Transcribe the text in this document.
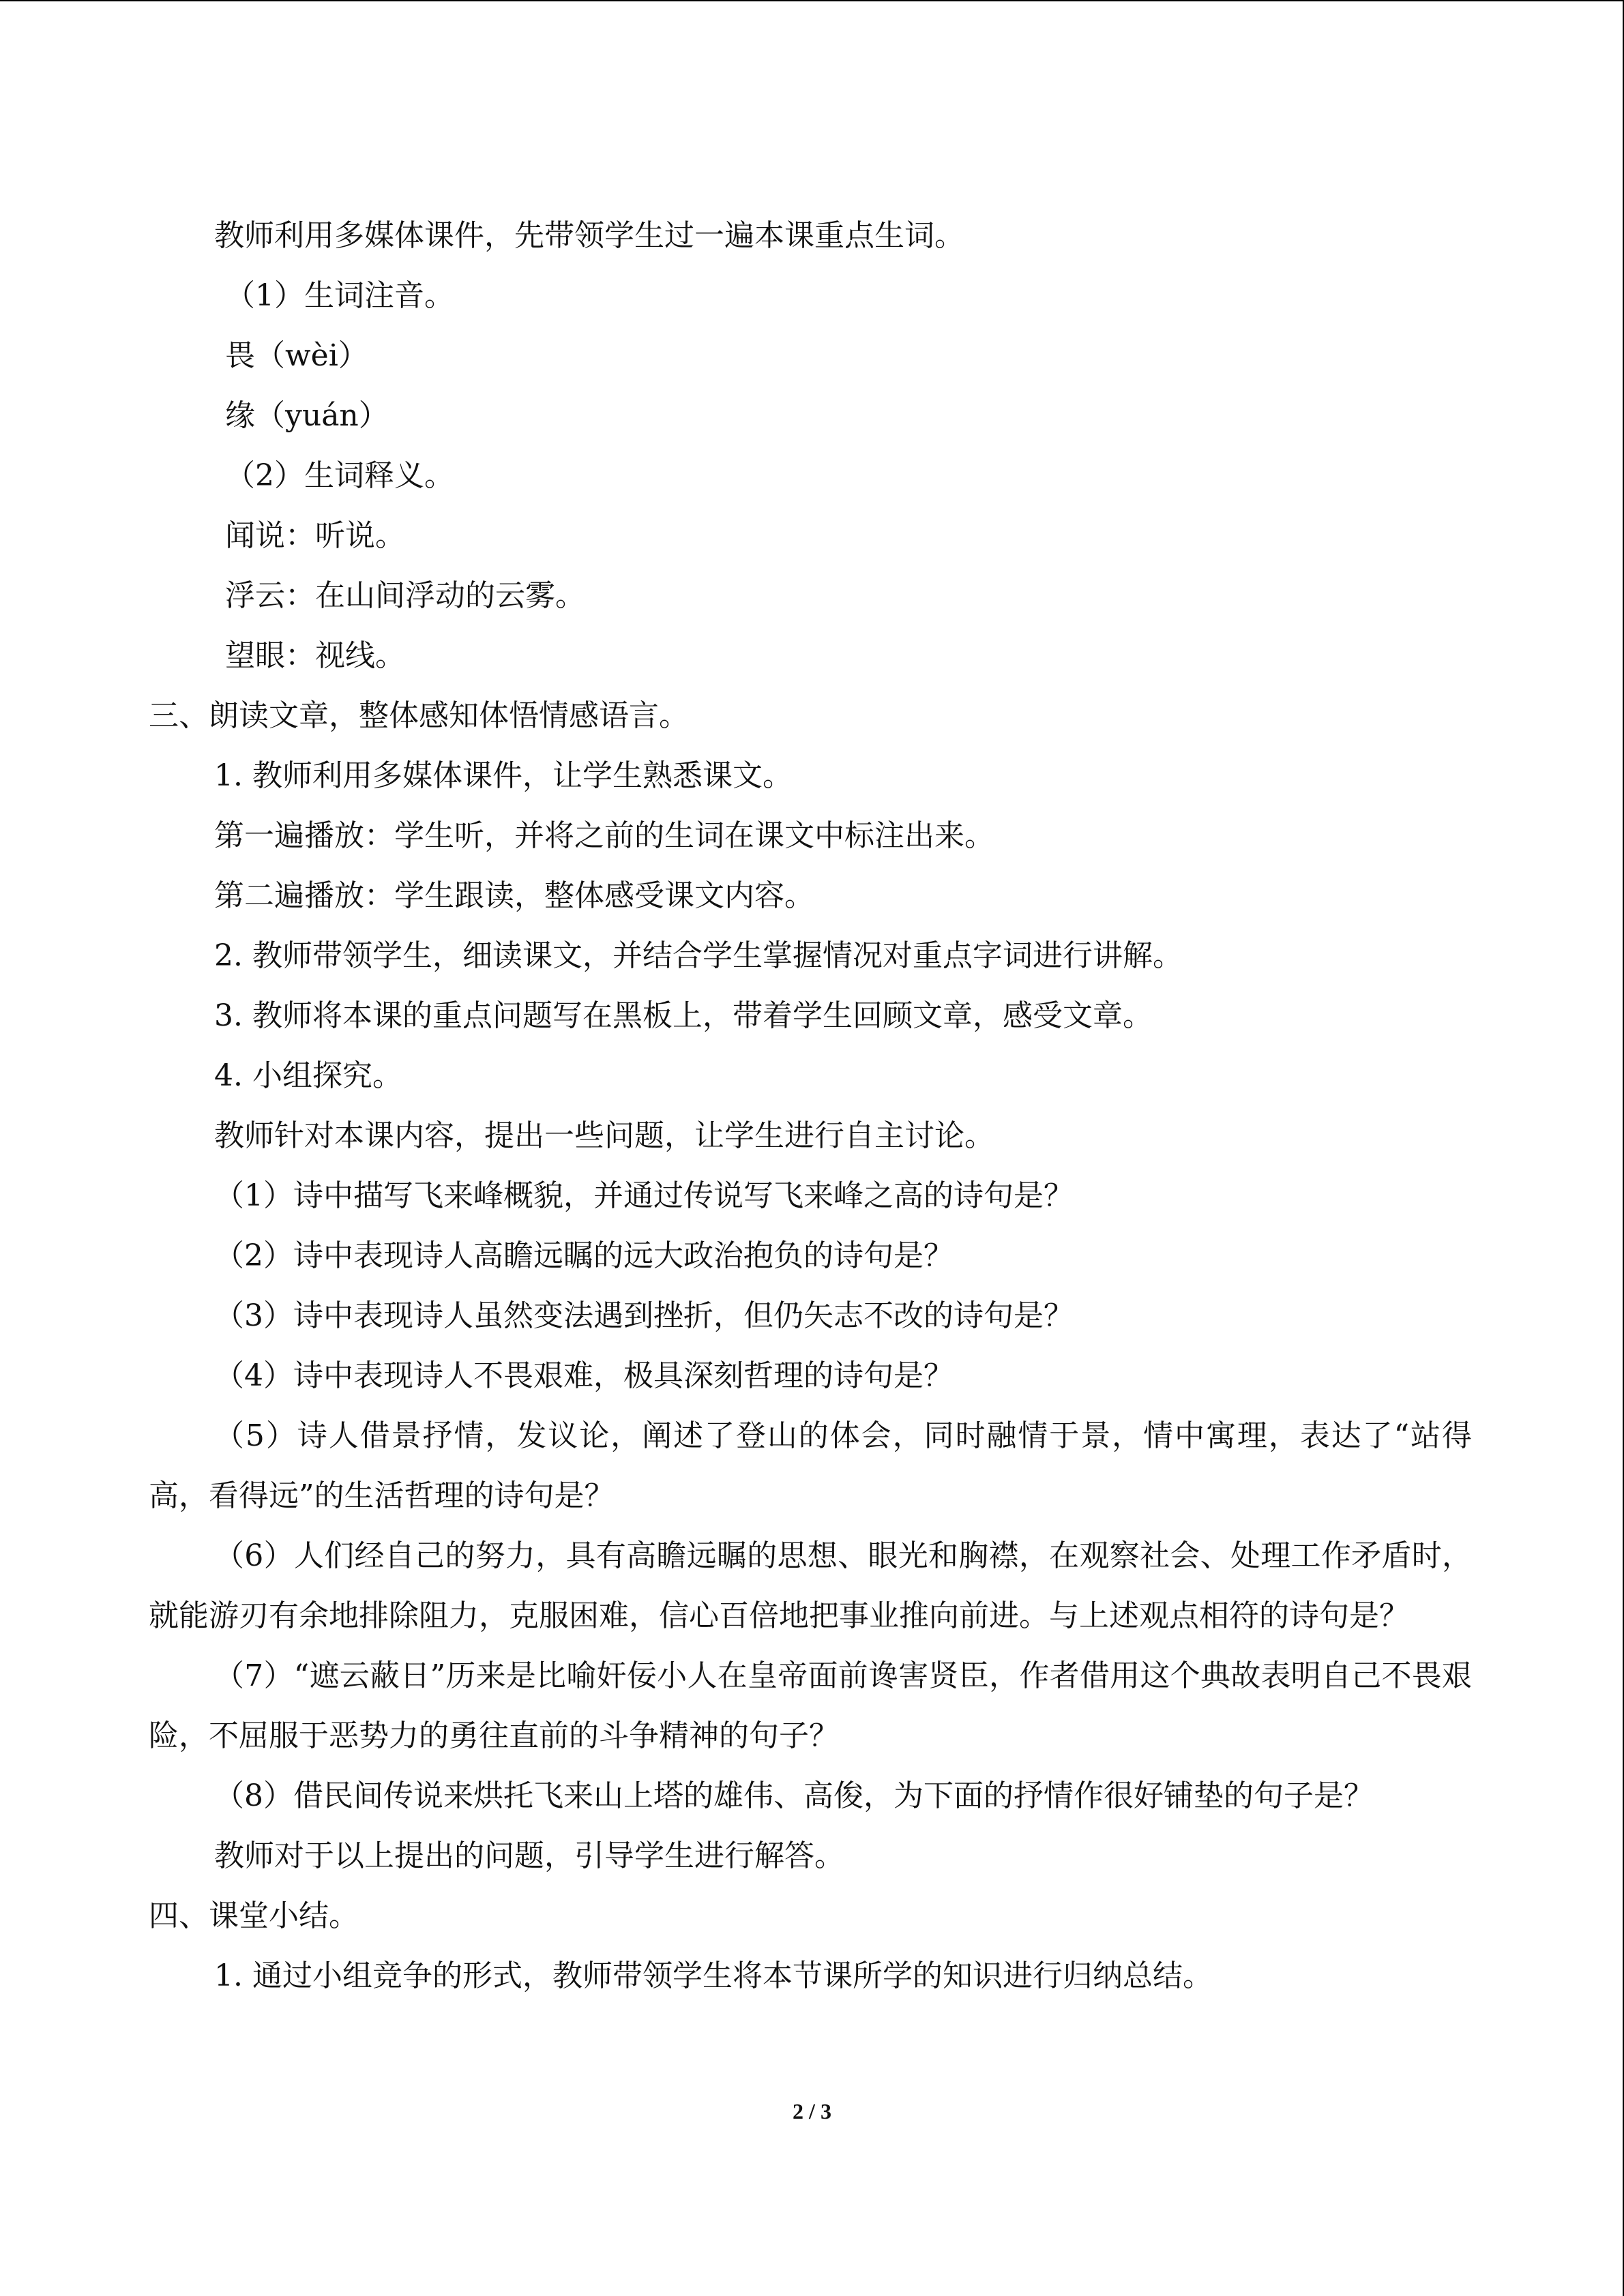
教师利用多媒体课件，先带领学生过一遍本课重点生词。
（1）生词注音。
畏（wèi）
缘（yuán）
（2）生词释义。
闻说：听说。
浮云：在山间浮动的云雾。
望眼：视线。
三、朗读文章，整体感知体悟情感语言。
1. 教师利用多媒体课件，让学生熟悉课文。
第一遍播放：学生听，并将之前的生词在课文中标注出来。
第二遍播放：学生跟读，整体感受课文内容。
2. 教师带领学生，细读课文，并结合学生掌握情况对重点字词进行讲解。
3. 教师将本课的重点问题写在黑板上，带着学生回顾文章，感受文章。
4. 小组探究。
教师针对本课内容，提出一些问题，让学生进行自主讨论。
（1）诗中描写飞来峰概貌，并通过传说写飞来峰之高的诗句是？
（2）诗中表现诗人高瞻远瞩的远大政治抱负的诗句是？
（3）诗中表现诗人虽然变法遇到挫折，但仍矢志不改的诗句是？
（4）诗中表现诗人不畏艰难，极具深刻哲理的诗句是？
（5）诗人借景抒情，发议论，阐述了登山的体会，同时融情于景，情中寓理，表达了“站得高，看得远”的生活哲理的诗句是？
（6）人们经自己的努力，具有高瞻远瞩的思想、眼光和胸襟，在观察社会、处理工作矛盾时，就能游刃有余地排除阻力，克服困难，信心百倍地把事业推向前进。与上述观点相符的诗句是？
（7）“遮云蔽日”历来是比喻奸佞小人在皇帝面前谗害贤臣，作者借用这个典故表明自己不畏艰险，不屈服于恶势力的勇往直前的斗争精神的句子？
（8）借民间传说来烘托飞来山上塔的雄伟、高俊，为下面的抒情作很好铺垫的句子是？
教师对于以上提出的问题，引导学生进行解答。
四、课堂小结。
1. 通过小组竞争的形式，教师带领学生将本节课所学的知识进行归纳总结。
2 / 3
